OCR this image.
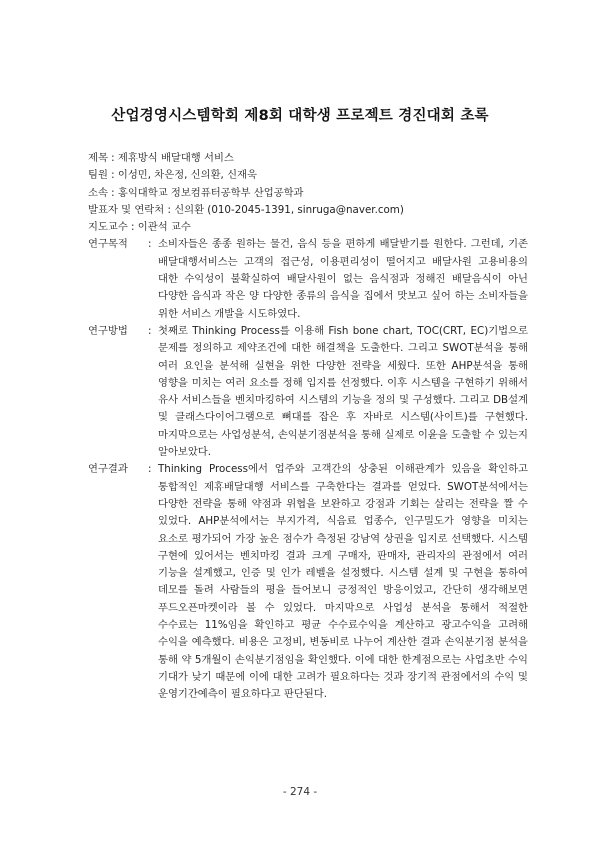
산업경영시스템학회 제8회 대학생 프로젝트 경진대회 초록
제목 : 제휴방식 배달대행 서비스
팀원 : 이성민, 차은정, 신의환, 신재욱
소속 : 홍익대학교 정보컴퓨터공학부 산업공학과
발표자 및 연락처 : 신의환 (010-2045-1391, sinruga@naver.com)
지도교수 : 이관석 교수
연구목적	: 소비자들은 종종 원하는 물건, 음식 등을 편하게 배달받기를 원한다. 그런데, 기존 배달대행서비스는 고객의 접근성, 이용편리성이 떨어지고 배달사원 고용비용의 대한 수익성이 불확실하여 배달사원이 없는 음식점과 정해진 배달음식이 아닌 다양한 음식과 작은 양 다양한 종류의 음식을 집에서 맛보고 싶어 하는 소비자들을 위한 서비스 개발을 시도하였다.
연구방법	: 첫째로 Thinking Process를 이용해 Fish bone chart, TOC(CRT, EC)기법으로 문제를 정의하고 제약조건에 대한 해결책을 도출한다. 그리고 SWOT분석을 통해 여러 요인을 분석해 실현을 위한 다양한 전략을 세웠다. 또한 AHP분석을 통해 영향을 미치는 여러 요소를 정해 입지를 선정했다. 이후 시스템을 구현하기 위해서 유사 서비스들을 벤치마킹하여 시스템의 기능을 정의 및 구성했다. 그리고 DB설계 및 클래스다이어그램으로 뼈대를 잡은 후 자바로 시스템(사이트)를 구현했다. 마지막으로는 사업성분석, 손익분기점분석을 통해 실제로 이윤을 도출할 수 있는지 알아보았다.
연구결과	: Thinking Process에서 업주와 고객간의 상충된 이해관계가 있음을 확인하고 통합적인 제휴배달대행 서비스를 구축한다는 결과를 얻었다. SWOT분석에서는 다양한 전략을 통해 약점과 위협을 보완하고 강점과 기회는 살리는 전략을 짤 수 있었다. AHP분석에서는 부지가격, 식음료 업종수, 인구밀도가 영향을 미치는 요소로 평가되어 가장 높은 점수가 측정된 강남역 상권을 입지로 선택했다. 시스템 구현에 있어서는 벤치마킹 결과 크게 구매자, 판매자, 관리자의 관점에서 여러 기능을 설계했고, 인증 및 인가 레벨을 설정했다. 시스템 설계 및 구현을 통하여 데모를 돌려 사람들의 평을 들어보니 긍정적인 방응이었고, 간단히 생각해보면 푸드오픈마켓이라 볼 수 있었다. 마지막으로 사업성 분석을 통해서 적절한 수수료는 11%임을 확인하고 평균 수수료수익을 계산하고 광고수익을 고려해 수익을 예측했다. 비용은 고정비, 변동비로 나누어 계산한 결과 손익분기점 분석을 통해 약 5개월이 손익분기점임을 확인했다. 이에 대한 한계점으로는 사업초반 수익 기대가 낮기 때문에 이에 대한 고려가 필요하다는 것과 장기적 관점에서의 수익 및 운영기간예측이 필요하다고 판단된다.
- 274 -
